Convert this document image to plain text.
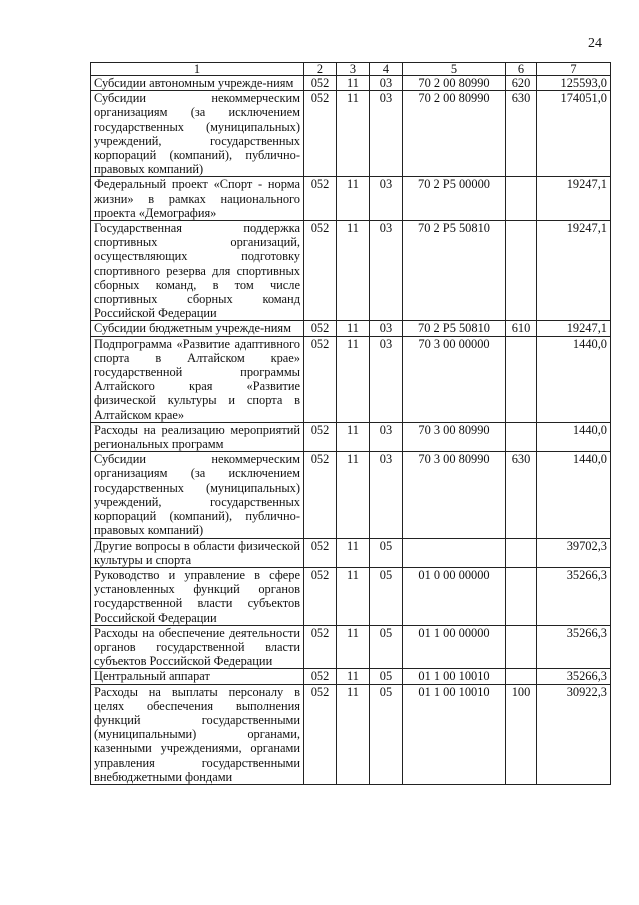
24
1	2	3	4	5	6	7
Субсидии автономным учрежде-ниям	052	11	03	70 2 00 80990	620	125593,0
Субсидии некоммерческим организациям (за исключением государственных (муниципальных) учреждений, государственных корпораций (компаний), публично-правовых компаний)	052	11	03	70 2 00 80990	630	174051,0
Федеральный проект «Спорт - норма жизни» в рамках национального проекта «Демография»	052	11	03	70 2 P5 00000		19247,1
Государственная поддержка спортивных организаций, осуществляющих подготовку спортивного резерва для спортивных сборных команд, в том числе спортивных сборных команд Российской Федерации	052	11	03	70 2 P5 50810		19247,1
Субсидии бюджетным учрежде-ниям	052	11	03	70 2 P5 50810	610	19247,1
Подпрограмма «Развитие адаптивного спорта в Алтайском крае» государственной программы Алтайского края «Развитие физической культуры и спорта в Алтайском крае»	052	11	03	70 3 00 00000		1440,0
Расходы на реализацию мероприятий региональных программ	052	11	03	70 3 00 80990		1440,0
Субсидии некоммерческим организациям (за исключением государственных (муниципальных) учреждений, государственных корпораций (компаний), публично-правовых компаний)	052	11	03	70 3 00 80990	630	1440,0
Другие вопросы в области физической культуры и спорта	052	11	05			39702,3
Руководство и управление в сфере установленных функций органов государственной власти субъектов Российской Федерации	052	11	05	01 0 00 00000		35266,3
Расходы на обеспечение деятельности органов государственной власти субъектов Российской Федерации	052	11	05	01 1 00 00000		35266,3
Центральный аппарат	052	11	05	01 1 00 10010		35266,3
Расходы на выплаты персоналу в целях обеспечения выполнения функций государственными (муниципальными) органами, казенными учреждениями, органами управления государственными внебюджетными фондами	052	11	05	01 1 00 10010	100	30922,3
